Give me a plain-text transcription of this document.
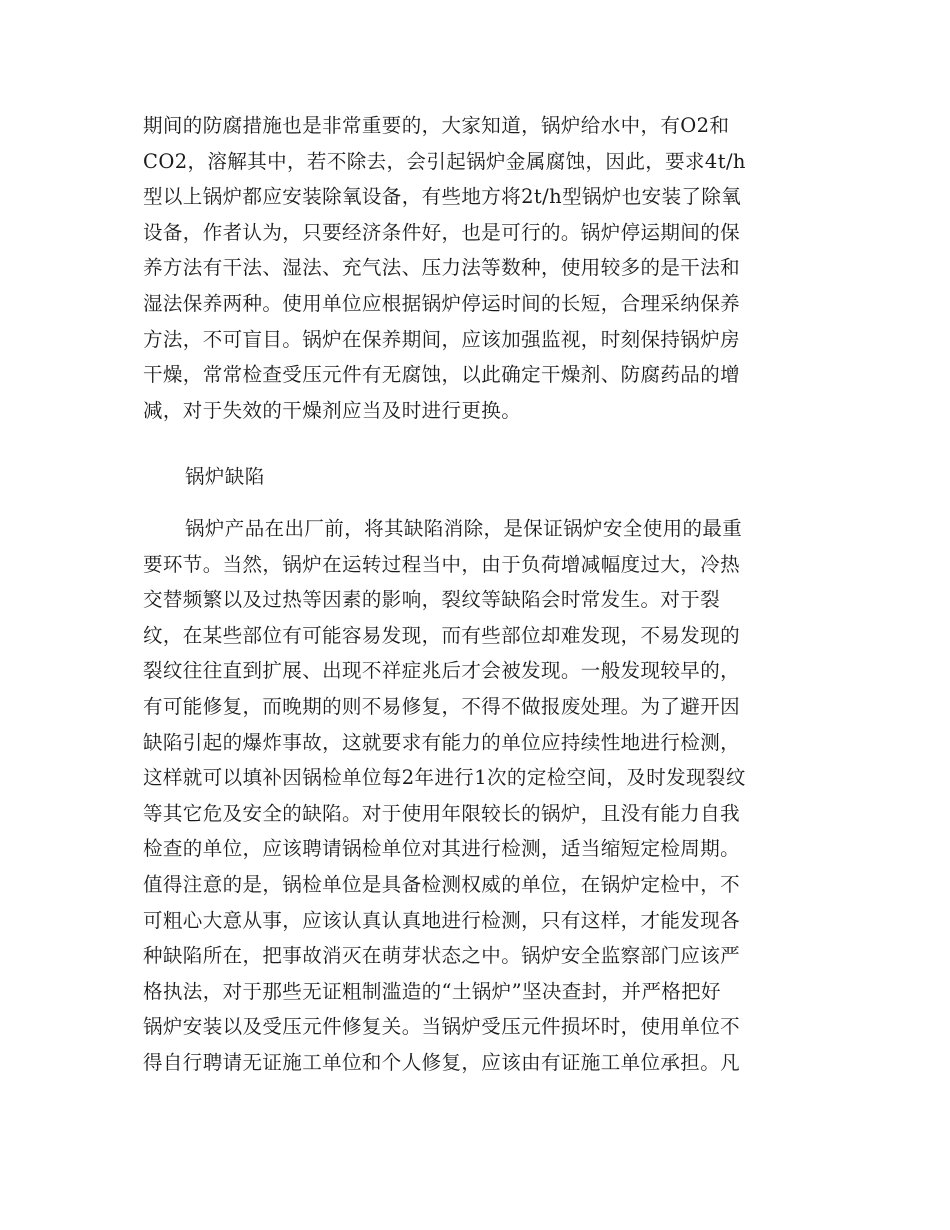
期间的防腐措施也是非常重要的，大家知道，锅炉给水中，有O2和
CO2，溶解其中，若不除去，会引起锅炉金属腐蚀，因此，要求4t/h
型以上锅炉都应安装除氧设备，有些地方将2t/h型锅炉也安装了除氧
设备，作者认为，只要经济条件好，也是可行的。锅炉停运期间的保
养方法有干法、湿法、充气法、压力法等数种，使用较多的是干法和
湿法保养两种。使用单位应根据锅炉停运时间的长短，合理采纳保养
方法，不可盲目。锅炉在保养期间，应该加强监视，时刻保持锅炉房
干燥，常常检查受压元件有无腐蚀，以此确定干燥剂、防腐药品的增
减，对于失效的干燥剂应当及时进行更换。
锅炉缺陷
锅炉产品在出厂前，将其缺陷消除，是保证锅炉安全使用的最重
要环节。当然，锅炉在运转过程当中，由于负荷增减幅度过大，冷热
交替频繁以及过热等因素的影响，裂纹等缺陷会时常发生。对于裂
纹，在某些部位有可能容易发现，而有些部位却难发现，不易发现的
裂纹往往直到扩展、出现不祥症兆后才会被发现。一般发现较早的，
有可能修复，而晚期的则不易修复，不得不做报废处理。为了避开因
缺陷引起的爆炸事故，这就要求有能力的单位应持续性地进行检测，
这样就可以填补因锅检单位每2年进行1次的定检空间，及时发现裂纹
等其它危及安全的缺陷。对于使用年限较长的锅炉，且没有能力自我
检查的单位，应该聘请锅检单位对其进行检测，适当缩短定检周期。
值得注意的是，锅检单位是具备检测权威的单位，在锅炉定检中，不
可粗心大意从事，应该认真认真地进行检测，只有这样，才能发现各
种缺陷所在，把事故消灭在萌芽状态之中。锅炉安全监察部门应该严
格执法，对于那些无证粗制滥造的“土锅炉”坚决查封，并严格把好
锅炉安装以及受压元件修复关。当锅炉受压元件损坏时，使用单位不
得自行聘请无证施工单位和个人修复，应该由有证施工单位承担。凡
